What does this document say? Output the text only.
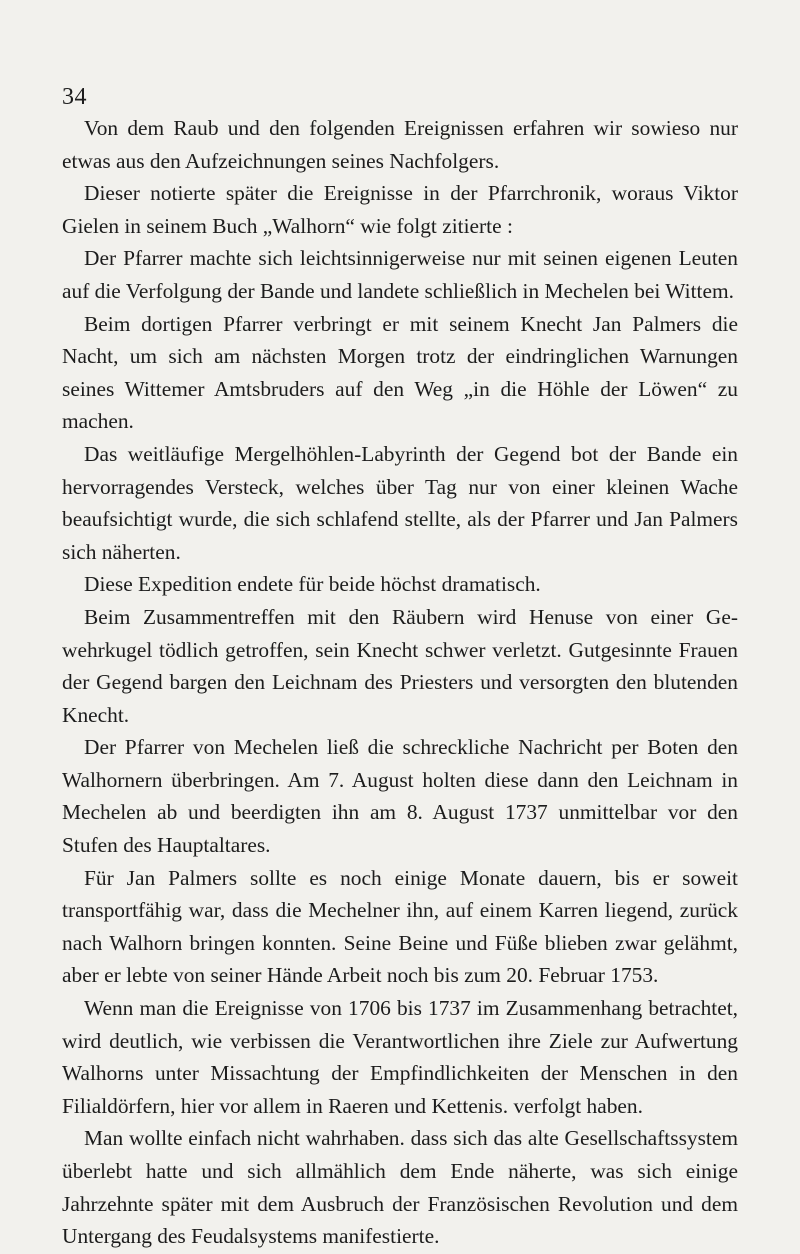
34

Von dem Raub und den folgenden Ereignissen erfahren wir sowieso nur etwas aus den Aufzeichnungen seines Nachfolgers.

Dieser notierte später die Ereignisse in der Pfarrchronik, woraus Viktor Gielen in seinem Buch „Walhorn“ wie folgt zitierte :

Der Pfarrer machte sich leichtsinnigerweise nur mit seinen eigenen Leuten auf die Verfolgung der Bande und landete schließlich in Mechelen bei Wittem.

Beim dortigen Pfarrer verbringt er mit seinem Knecht Jan Palmers die Nacht, um sich am nächsten Morgen trotz der eindringlichen Warnungen seines Wittemer Amtsbruders auf den Weg „in die Höhle der Löwen“ zu machen.

Das weitläufige Mergelhöhlen-Labyrinth der Gegend bot der Bande ein hervorragendes Versteck, welches über Tag nur von einer kleinen Wache beaufsichtigt wurde, die sich schlafend stellte, als der Pfarrer und Jan Palmers sich näherten.

Diese Expedition endete für beide höchst dramatisch.

Beim Zusammentreffen mit den Räubern wird Henuse von einer Gewehrkugel tödlich getroffen, sein Knecht schwer verletzt. Gutgesinnte Frauen der Gegend bargen den Leichnam des Priesters und versorgten den blutenden Knecht.

Der Pfarrer von Mechelen ließ die schreckliche Nachricht per Boten den Walhornern überbringen. Am 7. August holten diese dann den Leichnam in Mechelen ab und beerdigten ihn am 8. August 1737 unmittelbar vor den Stufen des Hauptaltares.

Für Jan Palmers sollte es noch einige Monate dauern, bis er soweit transportfähig war, dass die Mechelner ihn, auf einem Karren liegend, zurück nach Walhorn bringen konnten. Seine Beine und Füße blieben zwar gelähmt, aber er lebte von seiner Hände Arbeit noch bis zum 20. Februar 1753.

Wenn man die Ereignisse von 1706 bis 1737 im Zusammenhang betrachtet, wird deutlich, wie verbissen die Verantwortlichen ihre Ziele zur Aufwertung Walhorns unter Missachtung der Empfindlichkeiten der Menschen in den Filialdörfern, hier vor allem in Raeren und Kettenis. verfolgt haben.

Man wollte einfach nicht wahrhaben. dass sich das alte Gesellschaftssystem überlebt hatte und sich allmählich dem Ende näherte, was sich einige Jahrzehnte später mit dem Ausbruch der Französischen Revolution und dem Untergang des Feudalsystems manifestierte.
